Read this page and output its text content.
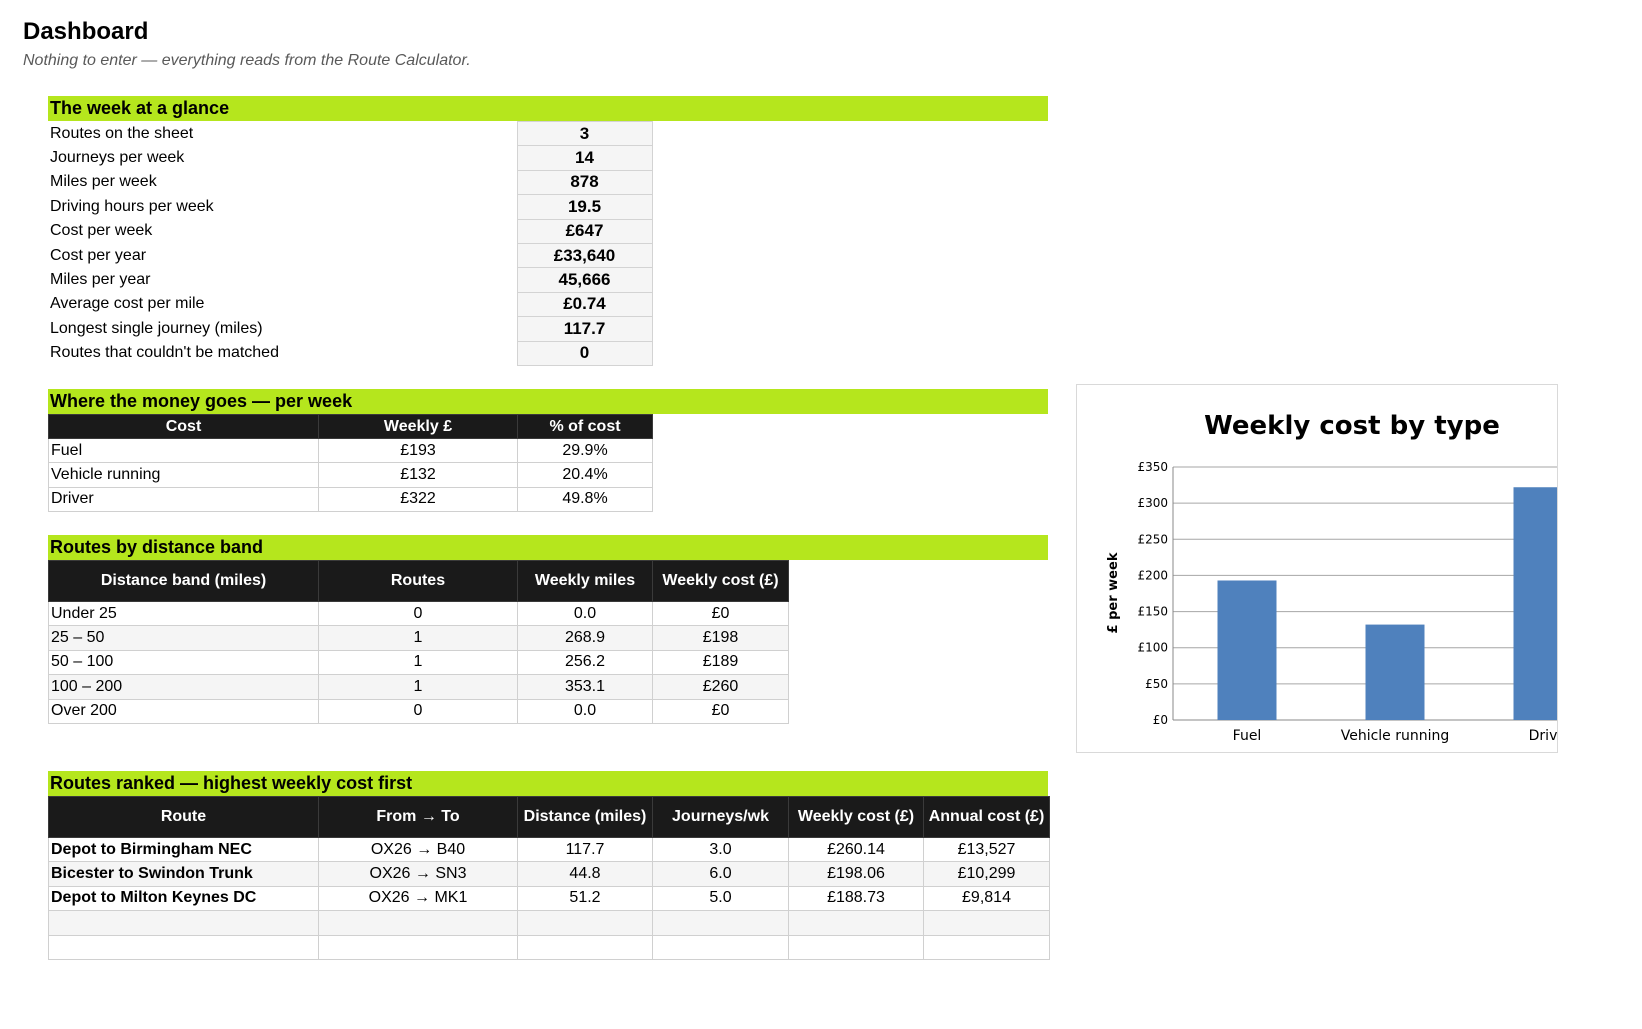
Dashboard
Nothing to enter — everything reads from the Route Calculator.
The week at a glance
Routes on the sheet	3
Journeys per week	14
Miles per week	878
Driving hours per week	19.5
Cost per week	£647
Cost per year	£33,640
Miles per year	45,666
Average cost per mile	£0.74
Longest single journey (miles)	117.7
Routes that couldn't be matched	0
Where the money goes — per week
Cost	Weekly £	% of cost
Fuel	£193	29.9%
Vehicle running	£132	20.4%
Driver	£322	49.8%
Routes by distance band
Distance band (miles)	Routes	Weekly miles	Weekly cost (£)
Under 25	0	0.0	£0
25 – 50	1	268.9	£198
50 – 100	1	256.2	£189
100 – 200	1	353.1	£260
Over 200	0	0.0	£0
Routes ranked — highest weekly cost first
Route	From → To	Distance (miles)	Journeys/wk	Weekly cost (£)	Annual cost (£)
Depot to Birmingham NEC	OX26 → B40	117.7	3.0	£260.14	£13,527
Bicester to Swindon Trunk	OX26 → SN3	44.8	6.0	£198.06	£10,299
Depot to Milton Keynes DC	OX26 → MK1	51.2	5.0	£188.73	£9,814

Weekly cost by type
£0
£50
£100
£150
£200
£250
£300
£350
£ per week
Fuel	Vehicle running	Driv
